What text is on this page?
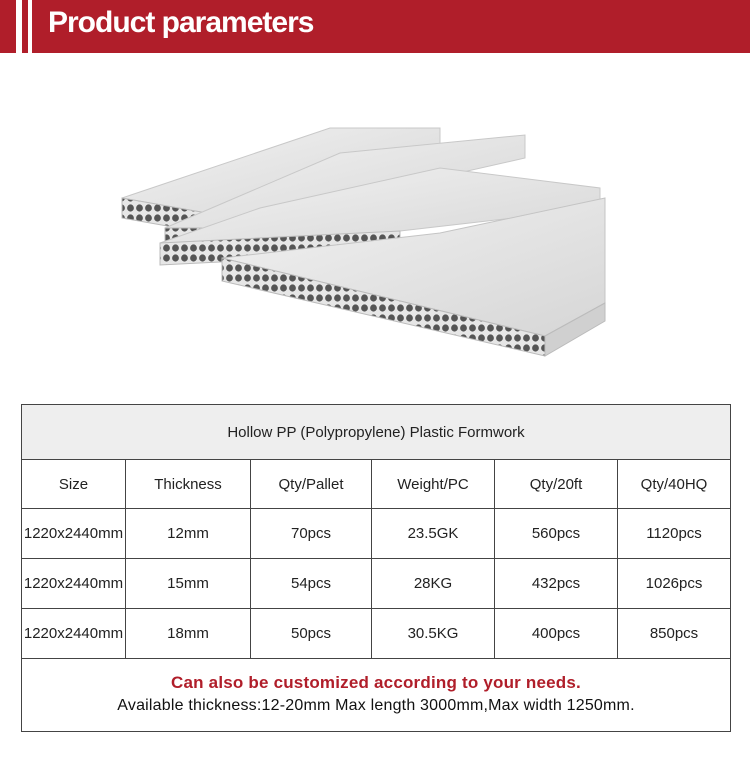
Product parameters
Hollow PP (Polypropylene) Plastic Formwork					
Size	Thickness	Qty/Pallet	Weight/PC	Qty/20ft	Qty/40HQ
1220x2440mm	12mm	70pcs	23.5GK	560pcs	1120pcs
1220x2440mm	15mm	54pcs	28KG	432pcs	1026pcs
1220x2440mm	18mm	50pcs	30.5KG	400pcs	850pcs

Can also be customized according to your needs.
Available thickness:12-20mm Max length 3000mm,Max width 1250mm.					
